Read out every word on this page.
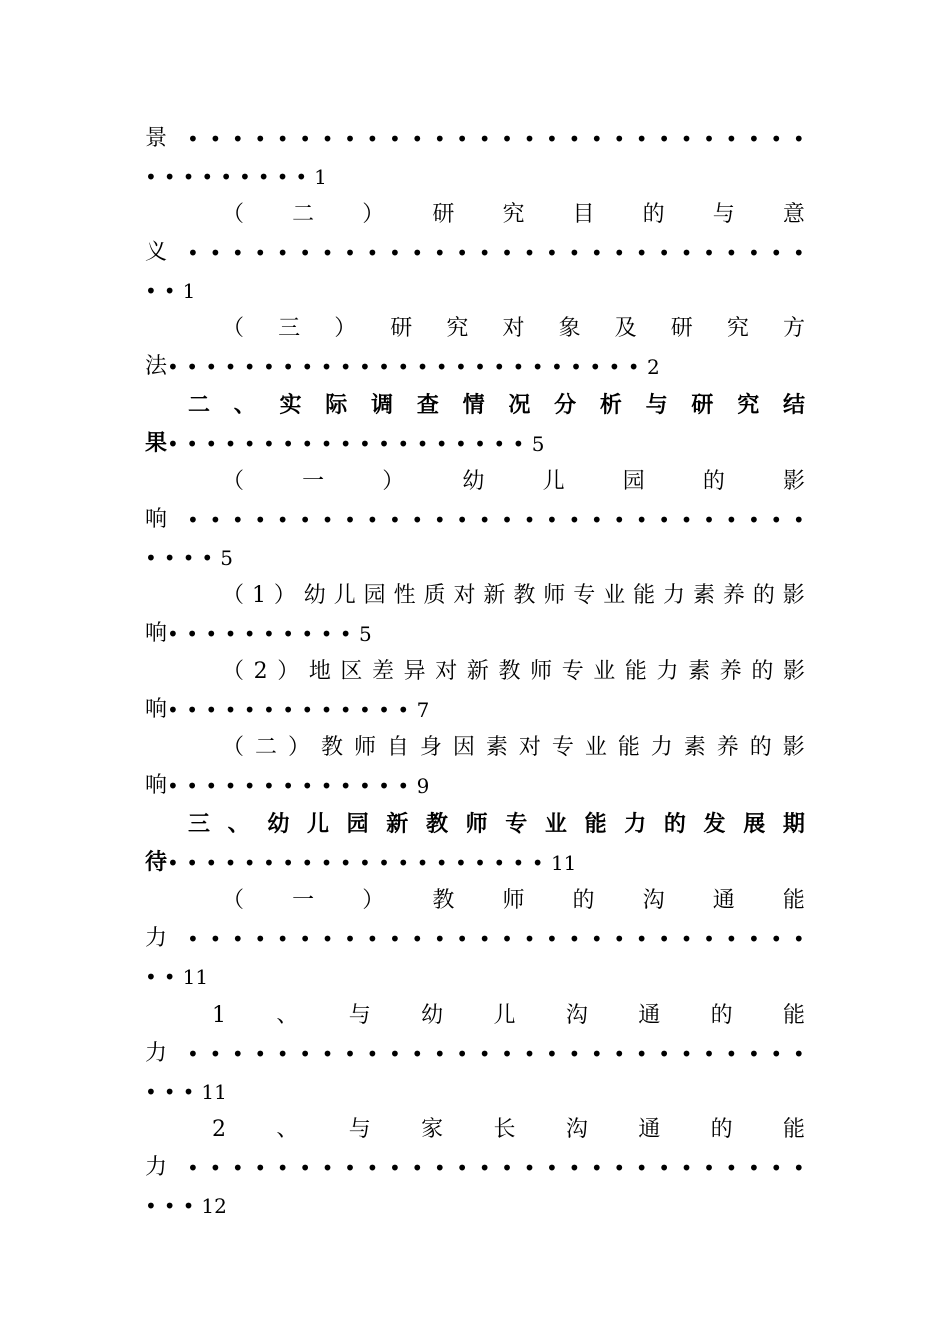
景 • • • • • • • • • • • • • • • • • • • • • • • • • • • •
••••••••• 1
（ 二 ） 研 究 目 的 与 意
义 • • • • • • • • • • • • • • • • • • • • • • • • • • • •
•• 1
（ 三 ） 研 究 对 象 及 研 究 方
法 ••••••••••••••••••••••••• 2
二 、 实 际 调 查 情 况 分 析 与 研 究 结
果 ••••••••••••••••••• 5
（	一	）	幼	儿	园	的	影
响 • • • • • • • • • • • • • • • • • • • • • • • • • • • •
•••• 5
（ 1 ） 幼 儿 园 性 质 对 新 教 师 专 业 能 力 素 养 的 影
响 •••••••••• 5
（ 2 ） 地 区 差 异 对 新 教 师 专 业 能 力 素 养 的 影
响 ••••••••••••• 7
（ 二 ） 教 师 自 身 因 素 对 专 业 能 力 素 养 的 影
响 ••••••••••••• 9
三 、 幼 儿 园 新 教 师 专 业 能 力 的 发 展 期
待 •••••••••••••••••••• 11
（ 一 ） 教 师 的 沟 通 能
力 • • • • • • • • • • • • • • • • • • • • • • • • • • • •
•• 11
1 、 与 幼 儿 沟 通 的 能
力 • • • • • • • • • • • • • • • • • • • • • • • • • • • •
••• 11
2 、 与 家 长 沟 通 的 能
力 • • • • • • • • • • • • • • • • • • • • • • • • • • • •
••• 12
